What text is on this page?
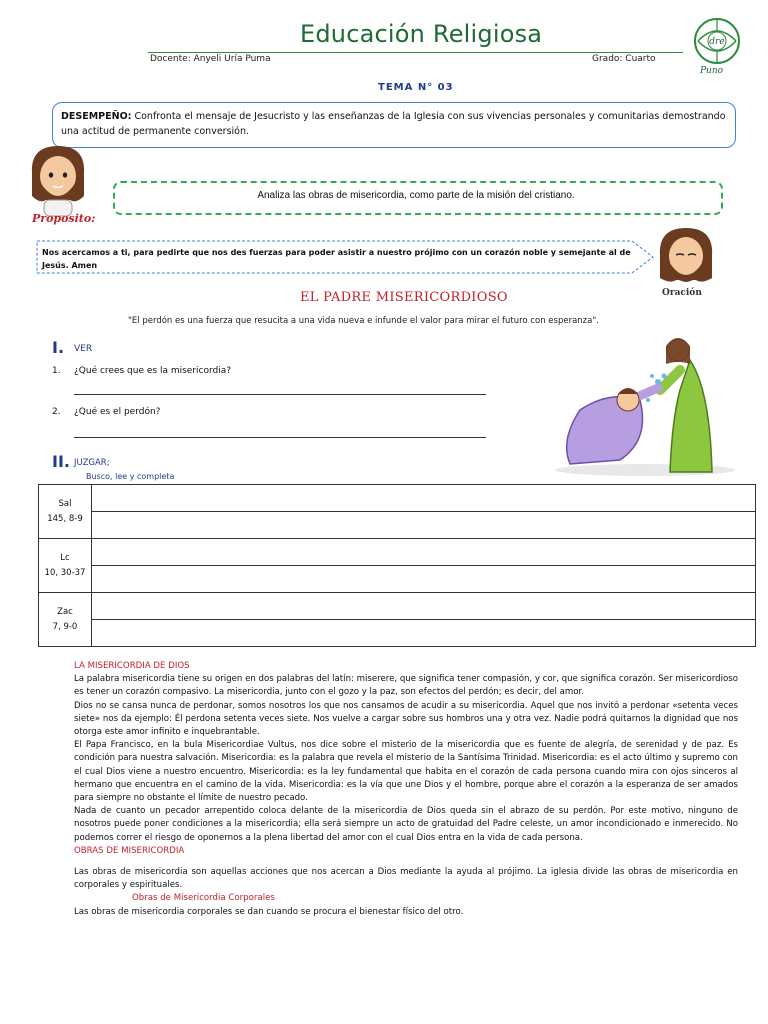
Educación Religiosa
Docente: Anyeli Uría Puma	Grado: Cuarto
dre
Puno
TEMA N° 03
DESEMPEÑO: Confronta el mensaje de Jesucristo y las enseñanzas de la Iglesia con sus vivencias personales y comunitarias demostrando una actitud de permanente conversión.
Analiza las obras de misericordia, como parte de la misión del cristiano.
Proposito:
Nos acercamos a ti, para pedirte que nos des fuerzas para poder asistir a nuestro prójimo con un corazón noble y semejante al de Jesús. Amen
Oración
EL PADRE MISERICORDIOSO
"El perdón es una fuerza que resucita a una vida nueva e infunde el valor para mirar el futuro con esperanza".
I. VER
1. ¿Qué crees que es la misericordia?
2. ¿Qué es el perdón?
II. JUZGAR;
Busco, lee y completa
Sal
145, 8-9	

Lc
10, 30-37	

Zac
7, 9-0	

LA MISERICORDIA DE DIOS

La palabra misericordia tiene su origen en dos palabras del latín: miserere, que significa tener compasión, y cor, que significa corazón. Ser misericordioso es tener un corazón compasivo. La misericordia, junto con el gozo y la paz, son efectos del perdón; es decir, del amor.

Dios no se cansa nunca de perdonar, somos nosotros los que nos cansamos de acudir a su misericordia. Aquel que nos invitó a perdonar «setenta veces siete» nos da ejemplo: Él perdona setenta veces siete. Nos vuelve a cargar sobre sus hombros una y otra vez. Nadie podrá quitarnos la dignidad que nos otorga este amor infinito e inquebrantable.

El Papa Francisco, en la bula Misericordiae Vultus, nos dice sobre el misterio de la misericordia que es fuente de alegría, de serenidad y de paz. Es condición para nuestra salvación. Misericordia: es la palabra que revela el misterio de la Santísima Trinidad. Misericordia: es el acto último y supremo con el cual Dios viene a nuestro encuentro. Misericordia: es la ley fundamental que habita en el corazón de cada persona cuando mira con ojos sinceros al hermano que encuentra en el camino de la vida. Misericordia: es la vía que une Dios y el hombre, porque abre el corazón a la esperanza de ser amados para siempre no obstante el límite de nuestro pecado.

Nada de cuanto un pecador arrepentido coloca delante de la misericordia de Dios queda sin el abrazo de su perdón. Por este motivo, ninguno de nosotros puede poner condiciones a la misericordia; ella será siempre un acto de gratuidad del Padre celeste, un amor incondicionado e inmerecido. No podemos correr el riesgo de oponernos a la plena libertad del amor con el cual Dios entra en la vida de cada persona.

OBRAS DE MISERICORDIA

Las obras de misericordia son aquellas acciones que nos acercan a Dios mediante la ayuda al prójimo. La iglesia divide las obras de misericordia en corporales y espirituales.

Obras de Misericordia Corporales

Las obras de misericordia corporales se dan cuando se procura el bienestar físico del otro.
